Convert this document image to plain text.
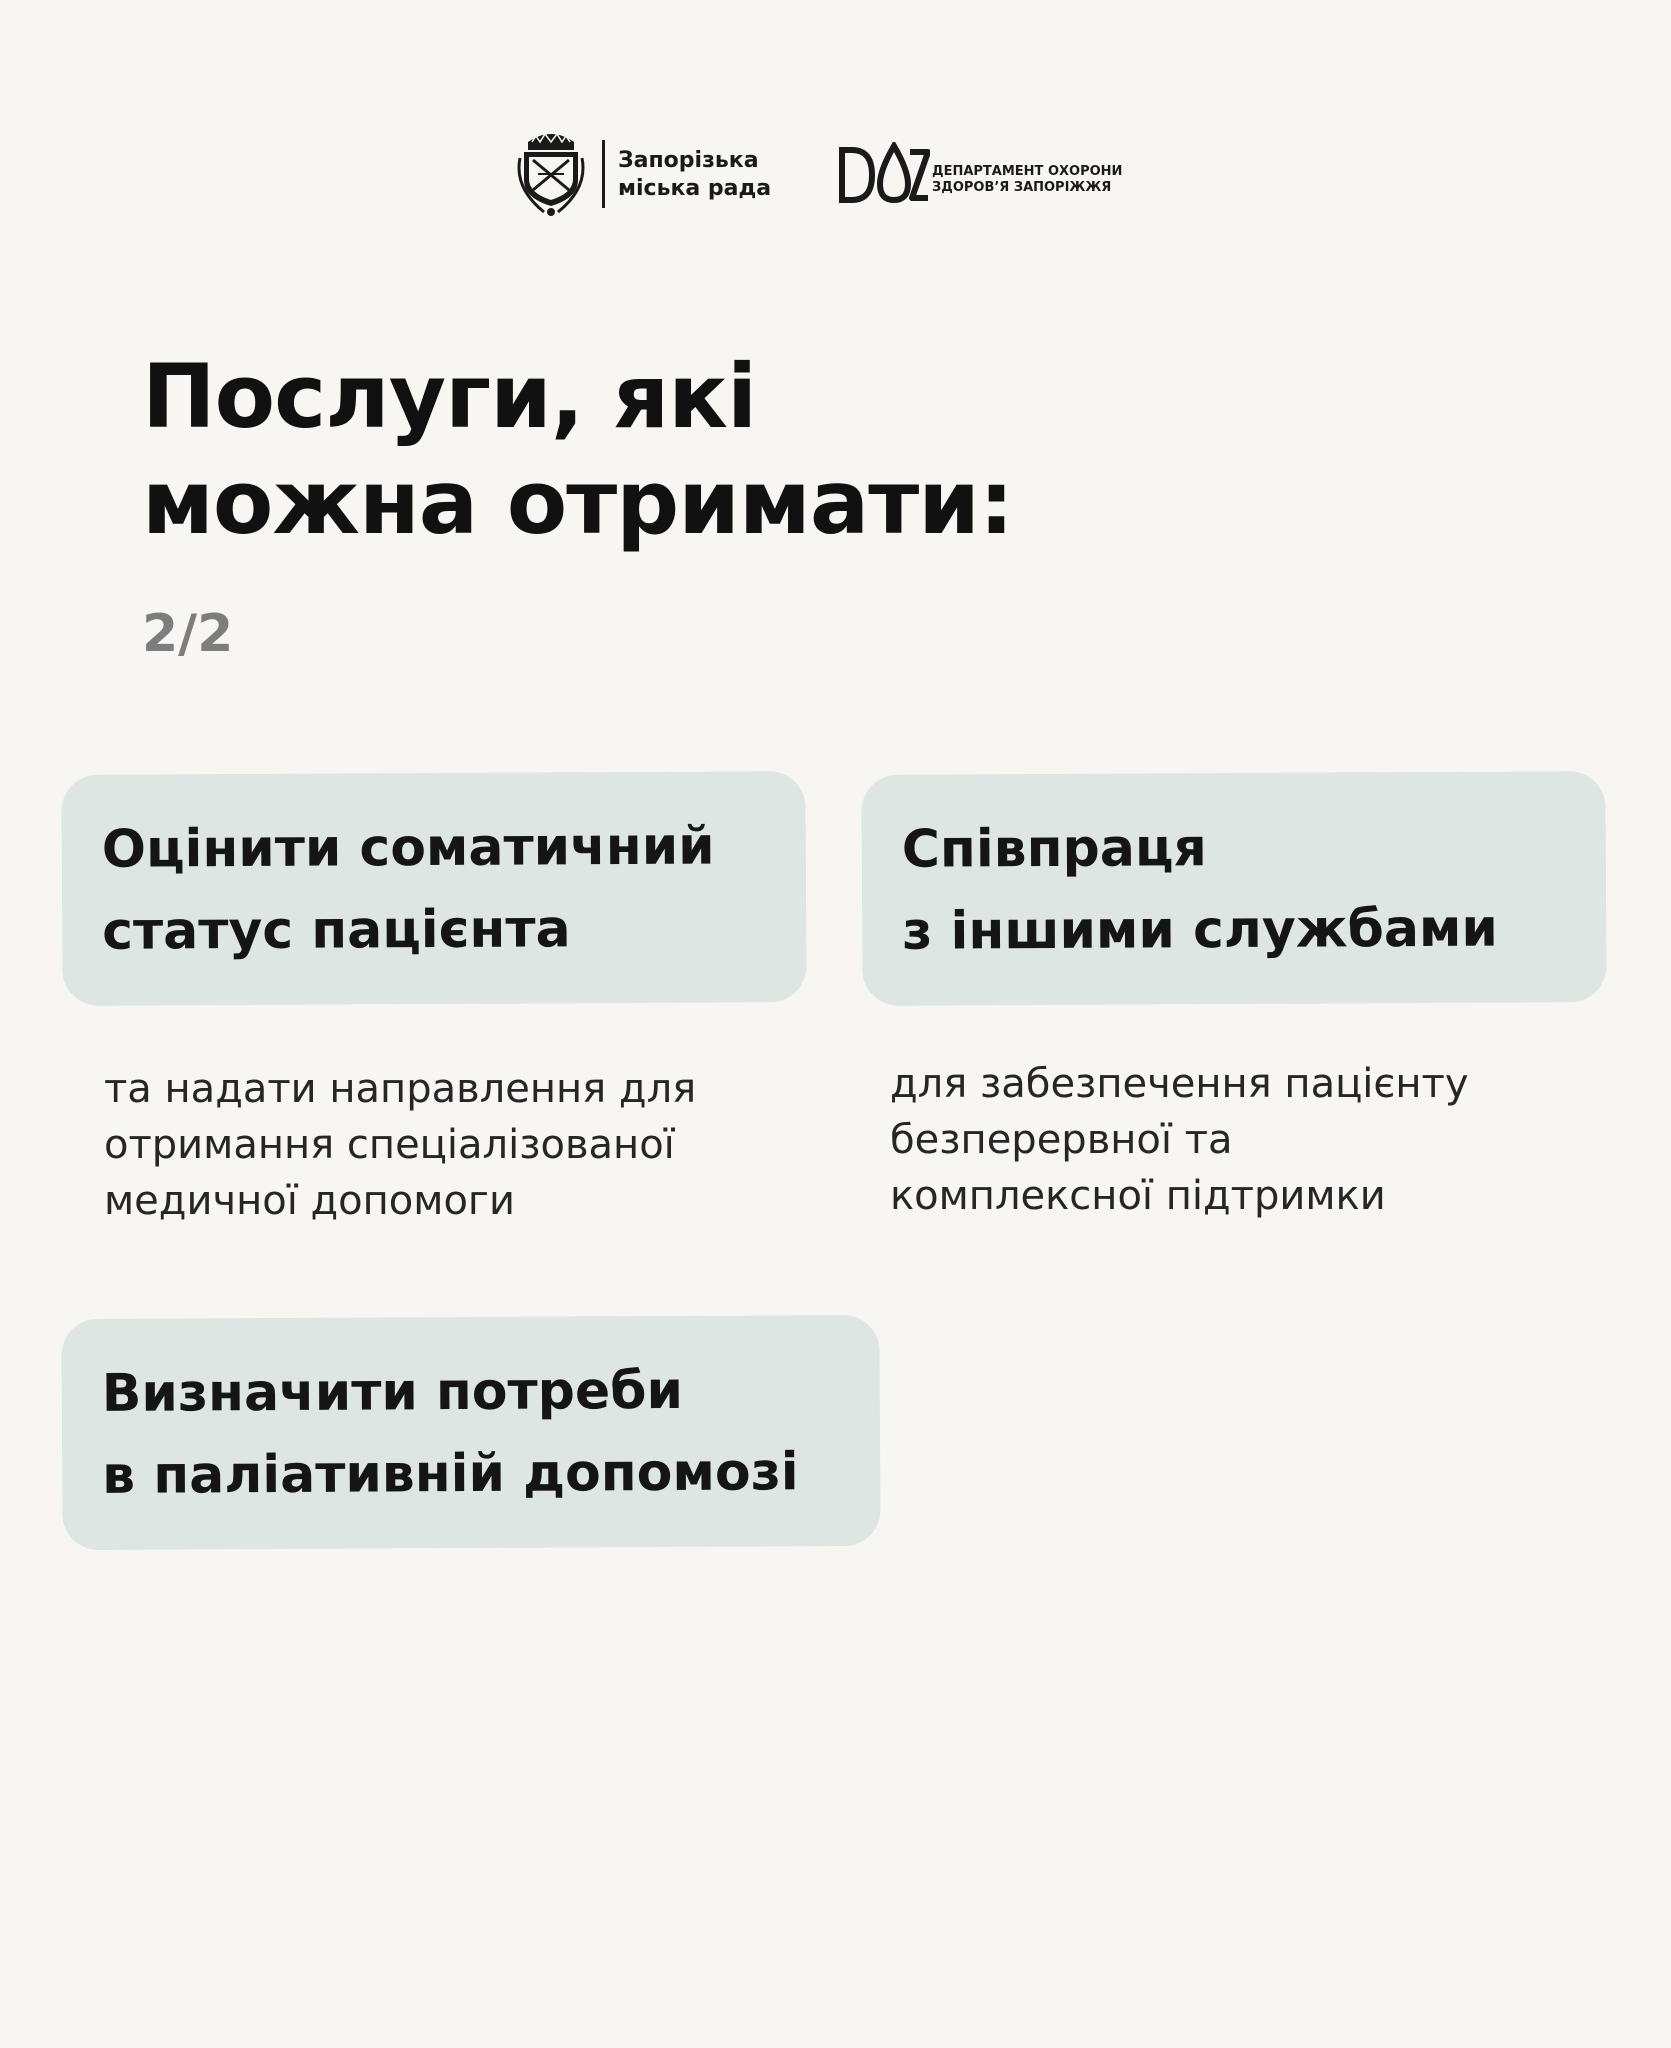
Запорізька
міська рада
ДЕПАРТАМЕНТ ОХОРОНИ
ЗДОРОВ’Я ЗАПОРІЖЖЯ
Послуги, які
можна отримати:
2/2
Оцінити соматичний
статус пацієнта
та надати направлення для
отримання спеціалізованої
медичної допомоги
Співпраця
з іншими службами
для забезпечення пацієнту
безперервної та
комплексної підтримки
Визначити потреби
в паліативній допомозі
